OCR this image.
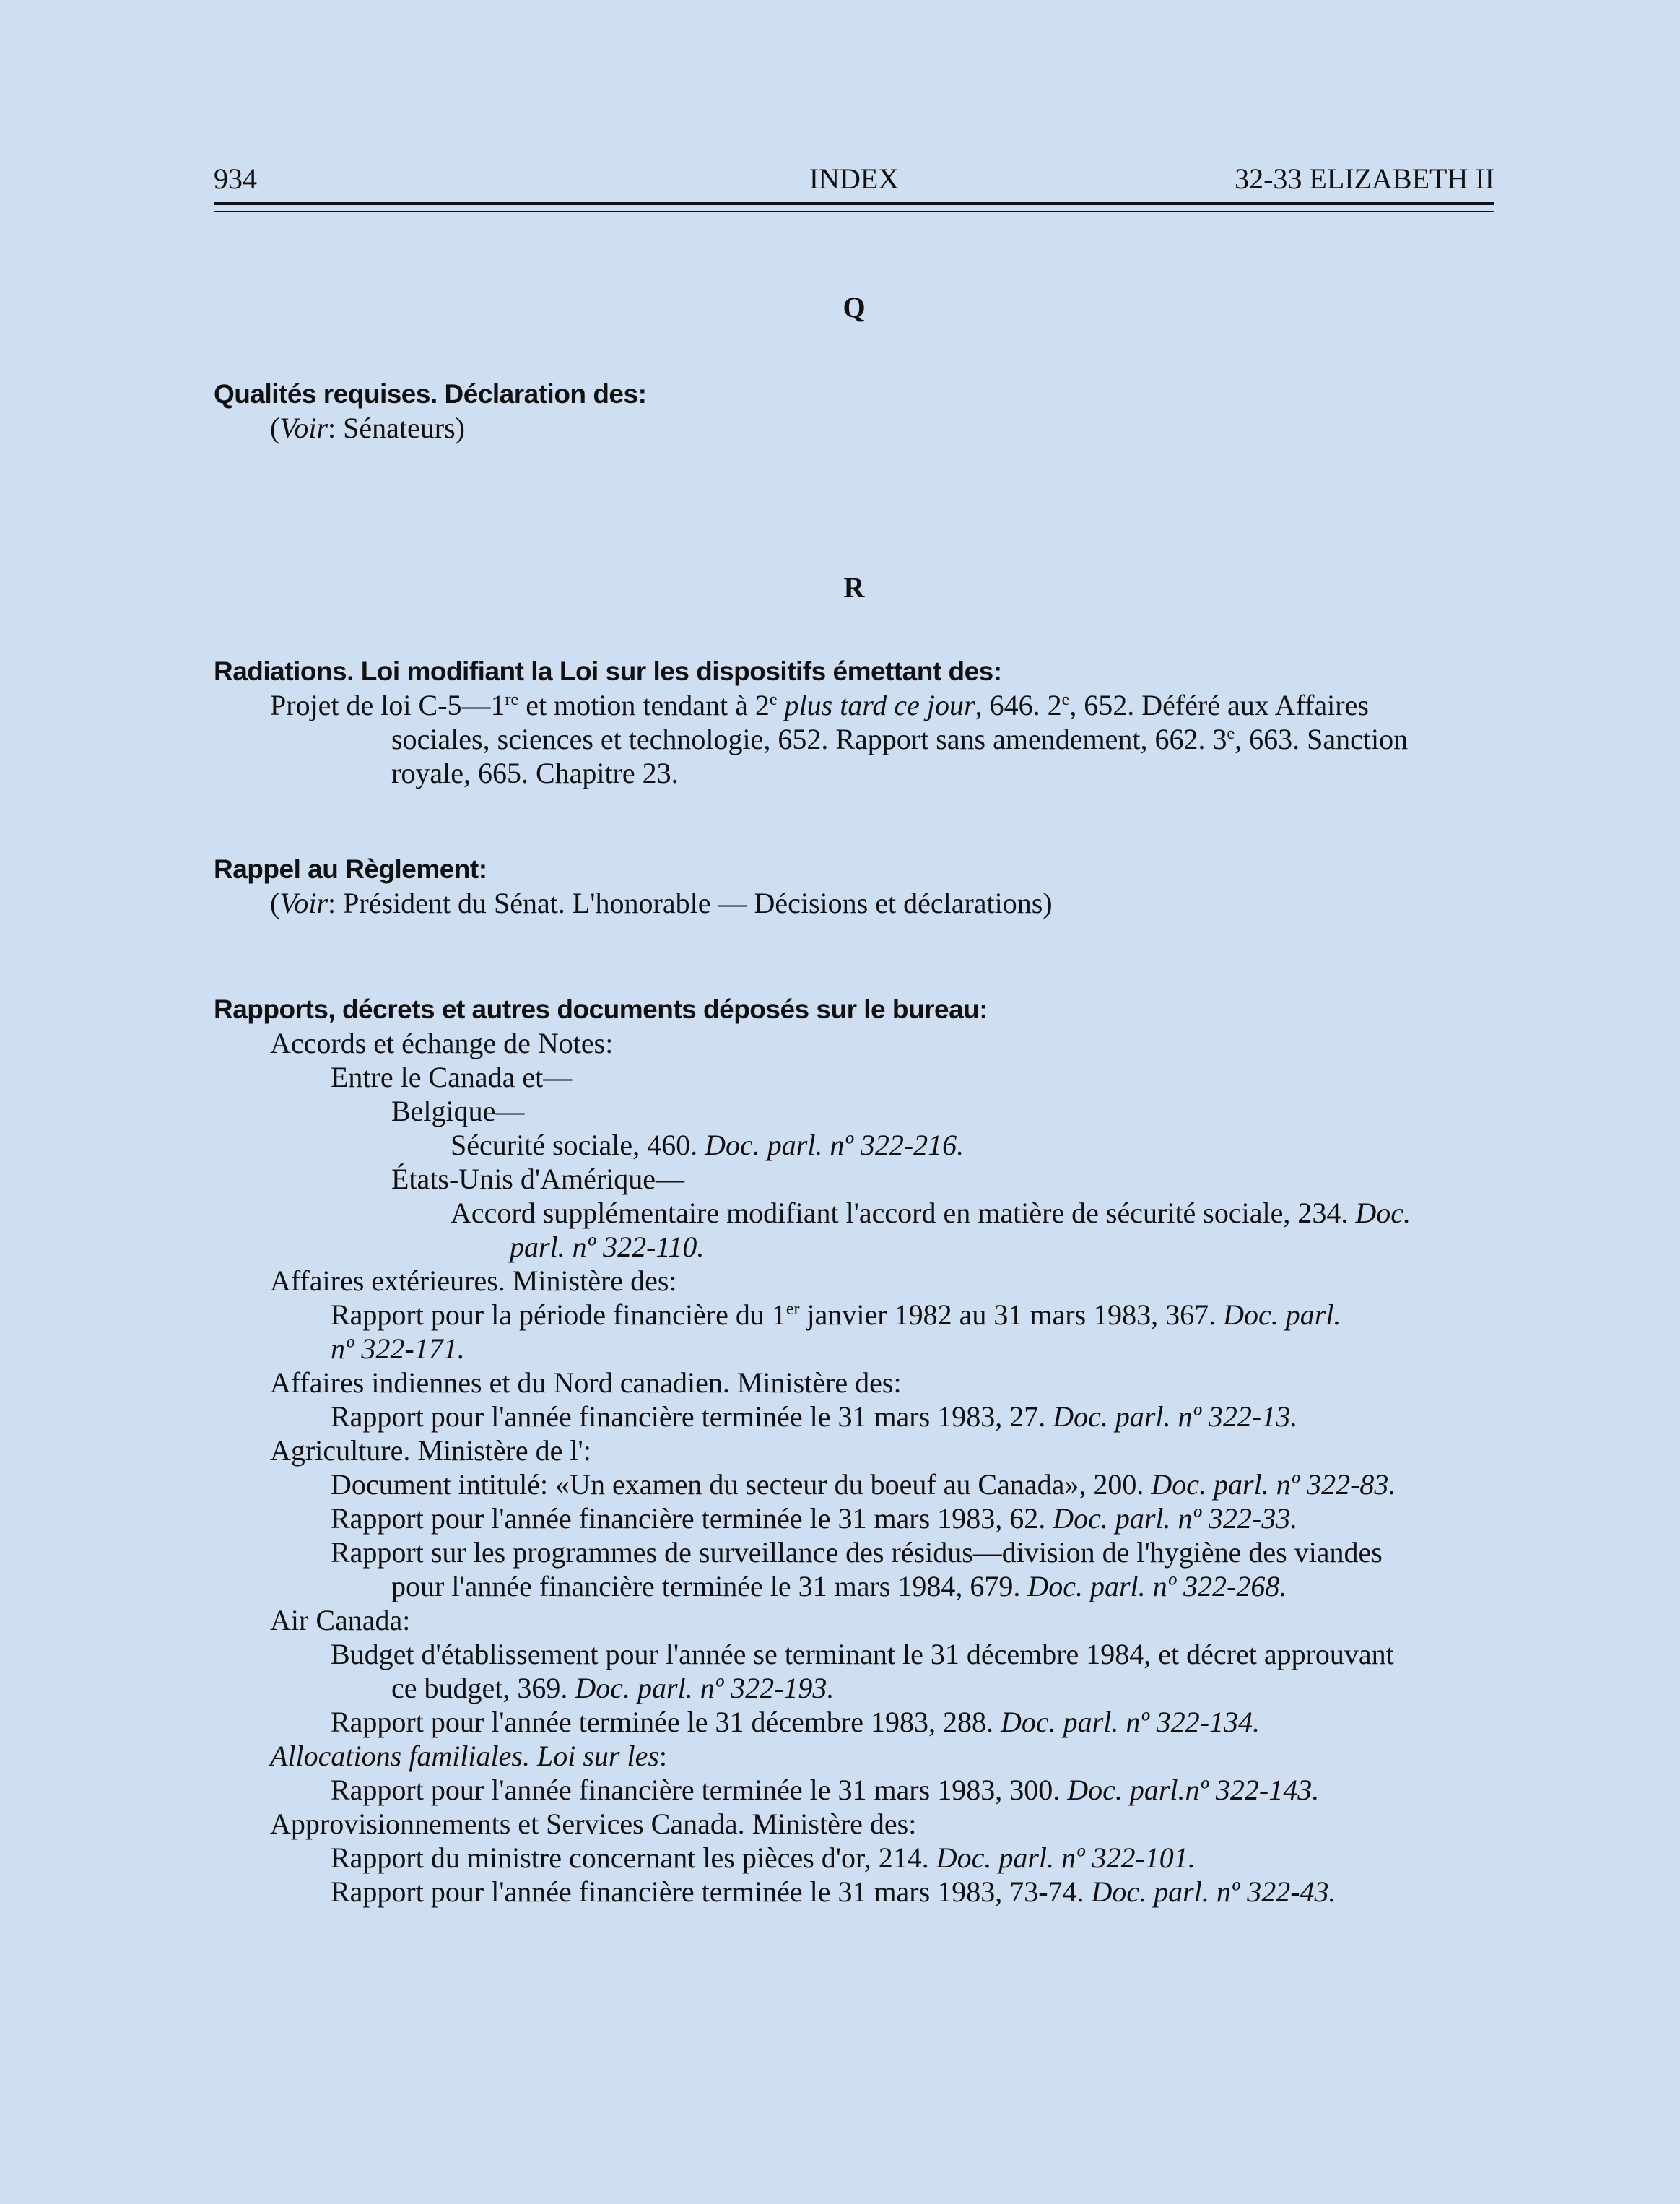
934	INDEX	32-33 ELIZABETH II
Q
Qualités requises. Déclaration des:
(Voir: Sénateurs)
R
Radiations. Loi modifiant la Loi sur les dispositifs émettant des:
Projet de loi C-5—1re et motion tendant à 2e plus tard ce jour, 646. 2e, 652. Déféré aux Affaires
sociales, sciences et technologie, 652. Rapport sans amendement, 662. 3e, 663. Sanction
royale, 665. Chapitre 23.
Rappel au Règlement:
(Voir: Président du Sénat. L'honorable — Décisions et déclarations)
Rapports, décrets et autres documents déposés sur le bureau:
Accords et échange de Notes:
Entre le Canada et—
Belgique—
Sécurité sociale, 460. Doc. parl. nº 322-216.
États-Unis d'Amérique—
Accord supplémentaire modifiant l'accord en matière de sécurité sociale, 234. Doc.
parl. nº 322-110.
Affaires extérieures. Ministère des:
Rapport pour la période financière du 1er janvier 1982 au 31 mars 1983, 367. Doc. parl.
nº 322-171.
Affaires indiennes et du Nord canadien. Ministère des:
Rapport pour l'année financière terminée le 31 mars 1983, 27. Doc. parl. nº 322-13.
Agriculture. Ministère de l':
Document intitulé: «Un examen du secteur du boeuf au Canada», 200. Doc. parl. nº 322-83.
Rapport pour l'année financière terminée le 31 mars 1983, 62. Doc. parl. nº 322-33.
Rapport sur les programmes de surveillance des résidus—division de l'hygiène des viandes
pour l'année financière terminée le 31 mars 1984, 679. Doc. parl. nº 322-268.
Air Canada:
Budget d'établissement pour l'année se terminant le 31 décembre 1984, et décret approuvant
ce budget, 369. Doc. parl. nº 322-193.
Rapport pour l'année terminée le 31 décembre 1983, 288. Doc. parl. nº 322-134.
Allocations familiales. Loi sur les:
Rapport pour l'année financière terminée le 31 mars 1983, 300. Doc. parl.nº 322-143.
Approvisionnements et Services Canada. Ministère des:
Rapport du ministre concernant les pièces d'or, 214. Doc. parl. nº 322-101.
Rapport pour l'année financière terminée le 31 mars 1983, 73-74. Doc. parl. nº 322-43.
